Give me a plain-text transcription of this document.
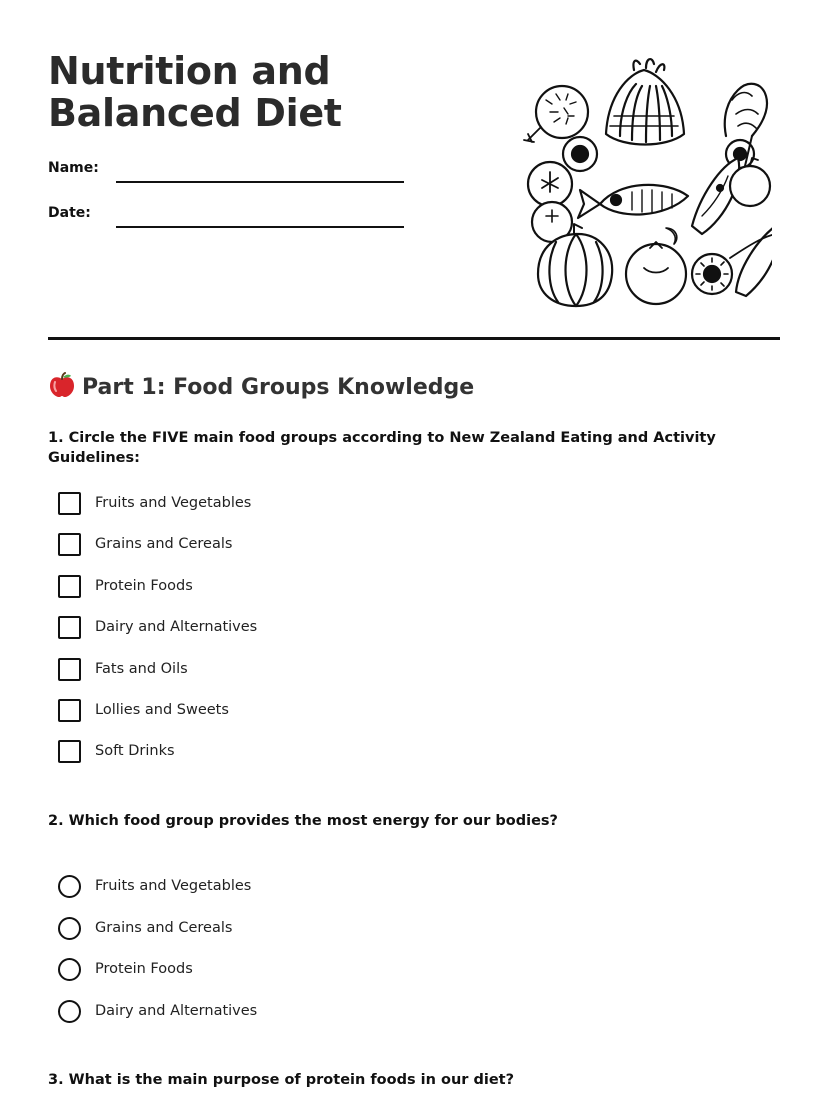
Nutrition and Balanced Diet
Name:
Date:
Part 1: Food Groups Knowledge

1. Circle the FIVE main food groups according to New Zealand Eating and Activity Guidelines:

Fruits and Vegetables
Grains and Cereals
Protein Foods
Dairy and Alternatives
Fats and Oils
Lollies and Sweets
Soft Drinks

2. Which food group provides the most energy for our bodies?

Fruits and Vegetables
Grains and Cereals
Protein Foods
Dairy and Alternatives

3. What is the main purpose of protein foods in our diet?
